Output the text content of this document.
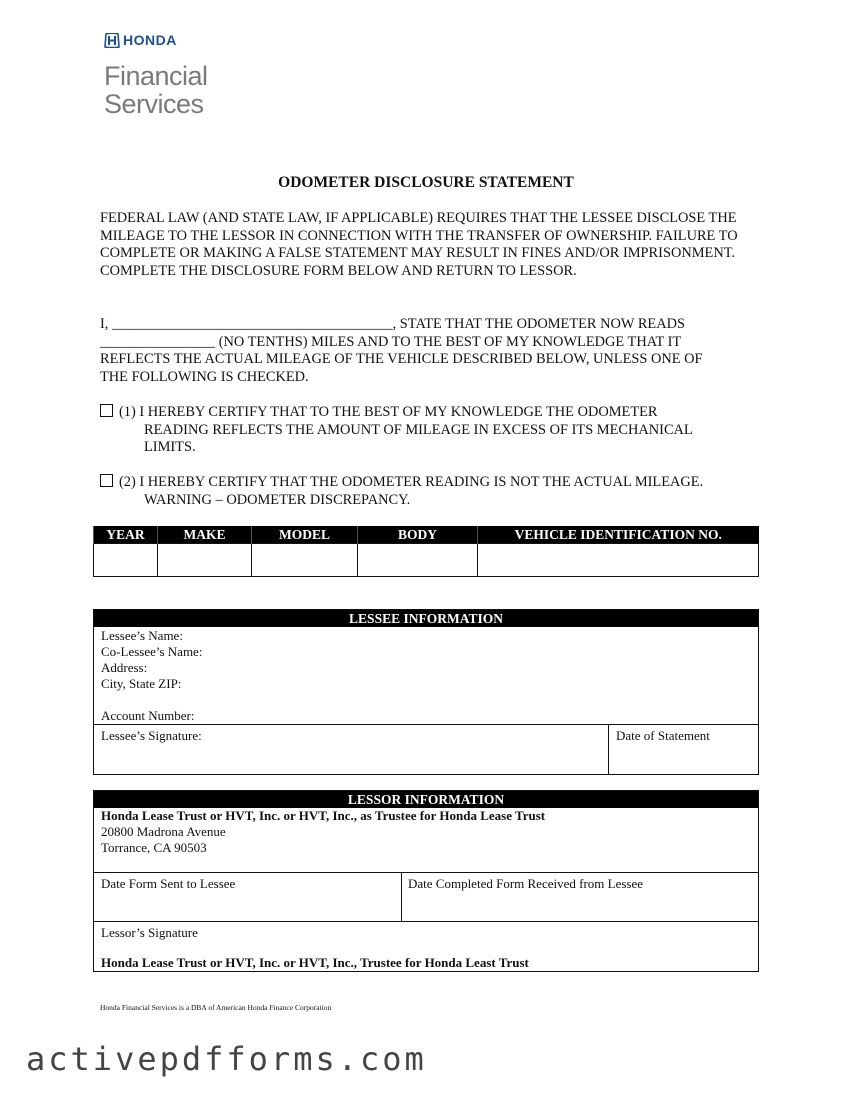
HONDA
Financial
Services
ODOMETER DISCLOSURE STATEMENT
FEDERAL LAW (AND STATE LAW, IF APPLICABLE) REQUIRES THAT THE LESSEE DISCLOSE THE MILEAGE TO THE LESSOR IN CONNECTION WITH THE TRANSFER OF OWNERSHIP. FAILURE TO COMPLETE OR MAKING A FALSE STATEMENT MAY RESULT IN FINES AND/OR IMPRISONMENT. COMPLETE THE DISCLOSURE FORM BELOW AND RETURN TO LESSOR.
I, _______________________________________, STATE THAT THE ODOMETER NOW READS
________________ (NO TENTHS) MILES AND TO THE BEST OF MY KNOWLEDGE THAT IT
REFLECTS THE ACTUAL MILEAGE OF THE VEHICLE DESCRIBED BELOW, UNLESS ONE OF
THE FOLLOWING IS CHECKED.
(1) I HEREBY CERTIFY THAT TO THE BEST OF MY KNOWLEDGE THE ODOMETER
READING REFLECTS THE AMOUNT OF MILEAGE IN EXCESS OF ITS MECHANICAL
LIMITS.
(2) I HEREBY CERTIFY THAT THE ODOMETER READING IS NOT THE ACTUAL MILEAGE.
WARNING – ODOMETER DISCREPANCY.
YEAR	MAKE	MODEL	BODY	VEHICLE IDENTIFICATION NO.

LESSEE INFORMATION
Lessee’s Name:
Co-Lessee’s Name:
Address:
City, State ZIP:
Account Number:
Lessee’s Signature:	Date of Statement
LESSOR INFORMATION
Honda Lease Trust or HVT, Inc. or HVT, Inc., as Trustee for Honda Lease Trust
20800 Madrona Avenue
Torrance, CA 90503
Date Form Sent to Lessee	Date Completed Form Received from Lessee
Lessor’s Signature
Honda Lease Trust or HVT, Inc. or HVT, Inc., Trustee for Honda Least Trust
Honda Financial Services is a DBA of American Honda Finance Corporation
activepdfforms.com
